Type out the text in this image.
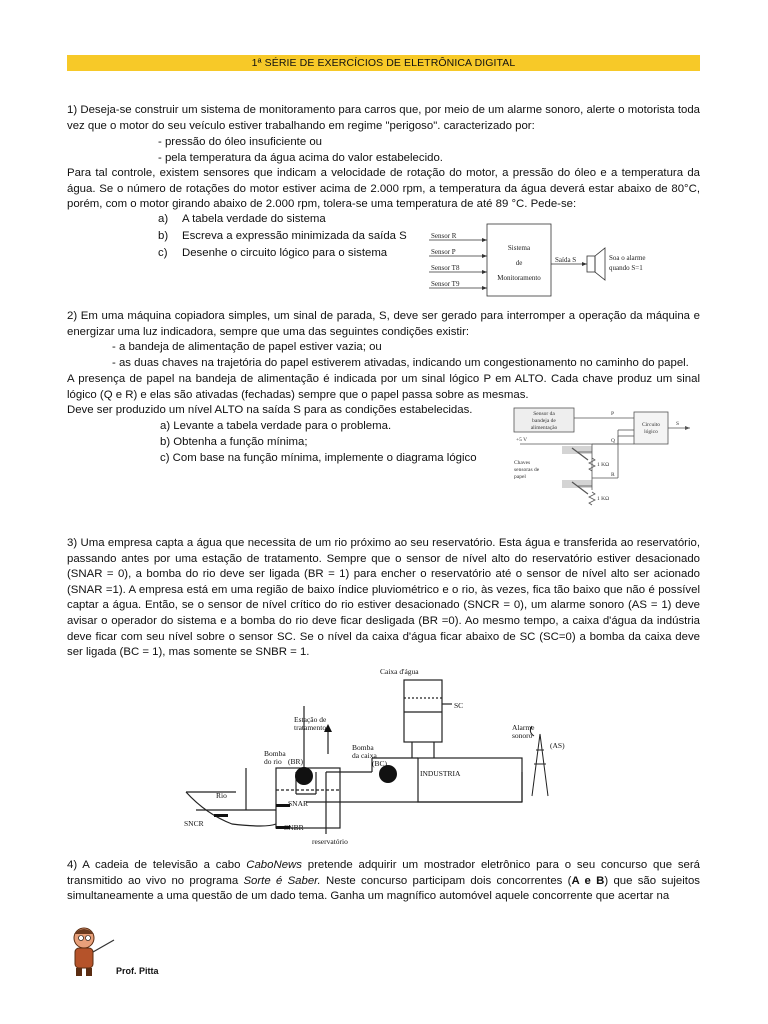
1ª SÉRIE DE EXERCÍCIOS DE ELETRÔNICA DIGITAL

1) Deseja-se construir um sistema de monitoramento para carros que, por meio de um alarme sonoro, alerte o motorista toda vez que o motor do seu veículo estiver trabalhando em regime "perigoso". caracterizado por:

- pressão do óleo insuficiente ou
- pela temperatura da água acima do valor estabelecido.

Para tal controle, existem sensores que indicam a velocidade de rotação do motor, a pressão do óleo e a temperatura da água. Se o número de rotações do motor estiver acima de 2.000 rpm, a temperatura da água deverá estar abaixo de 80°C, porém, com o motor girando abaixo de 2.000 rpm, tolera-se uma temperatura de até 89 °C. Pede-se:

a) A tabela verdade do sistema
b) Escreva a expressão minimizada da saída S
c) Desenhe o circuito lógico para o sistema
Sensor R
Sensor P
Sensor T8
Sensor T9
Sistema
de
Monitoramento
Saída S	Soa o alarme
quando S=1

2) Em uma máquina copiadora simples, um sinal de parada, S, deve ser gerado para interromper a operação da máquina e energizar uma luz indicadora, sempre que uma das seguintes condições existir:

- a bandeja de alimentação de papel estiver vazia; ou
- as duas chaves na trajetória do papel estiverem ativadas, indicando um congestionamento no caminho do papel.

A presença de papel na bandeja de alimentação é indicada por um sinal lógico P em ALTO. Cada chave produz um sinal lógico (Q e R) e elas são ativadas (fechadas) sempre que o papel passa sobre as mesmas.

Deve ser produzido um nível ALTO na saída S para as condições estabelecidas.
a) Levante a tabela verdade para o problema.
b) Obtenha a função mínima;
c) Com base na função mínima, implemente o diagrama lógico
Sensor da
bandeja de
alimentação	Circuito
lógico
+5 V
Chaves
sensoras de
papel
1 KΩ
1 KΩ
P
Q
R
S

3) Uma empresa capta a água que necessita de um rio próximo ao seu reservatório. Esta água e transferida ao reservatório, passando antes por uma estação de tratamento. Sempre que o sensor de nível alto do reservatório estiver desacionado (SNAR = 0), a bomba do rio deve ser ligada (BR = 1) para encher o reservatório até o sensor de nível alto ser acionado (SNAR =1). A empresa está em uma região de baixo índice pluviométrico e o rio, às vezes, fica tão baixo que não é possível captar a água. Então, se o sensor de nível crítico do rio estiver desacionado (SNCR = 0), um alarme sonoro (AS = 1) deve avisar o operador do sistema e a bomba do rio deve ficar desligada (BR =0). Ao mesmo tempo, a caixa d'água da indústria deve ficar com seu nível sobre o sensor SC. Se o nível da caixa d'água ficar abaixo de SC (SC=0) a bomba da caixa deve ser ligada (BC = 1), mas somente se SNBR = 1.

Caixa d'água
SC
Estação de
tratamento
Bomba
da caixa
(BC)
Bomba
do rio (BR)
INDUSTRIA
Alarme
sonoro
(AS)
Rio
SNCR
SNAR
SNBR
reservatório

4) A cadeia de televisão a cabo CaboNews pretende adquirir um mostrador eletrônico para o seu concurso que será transmitido ao vivo no programa Sorte é Saber. Neste concurso participam dois concorrentes (A e B) que são sujeitos simultaneamente a uma questão de um dado tema. Ganha um magnífico automóvel aquele concorrente que acertar na

Prof. Pitta
